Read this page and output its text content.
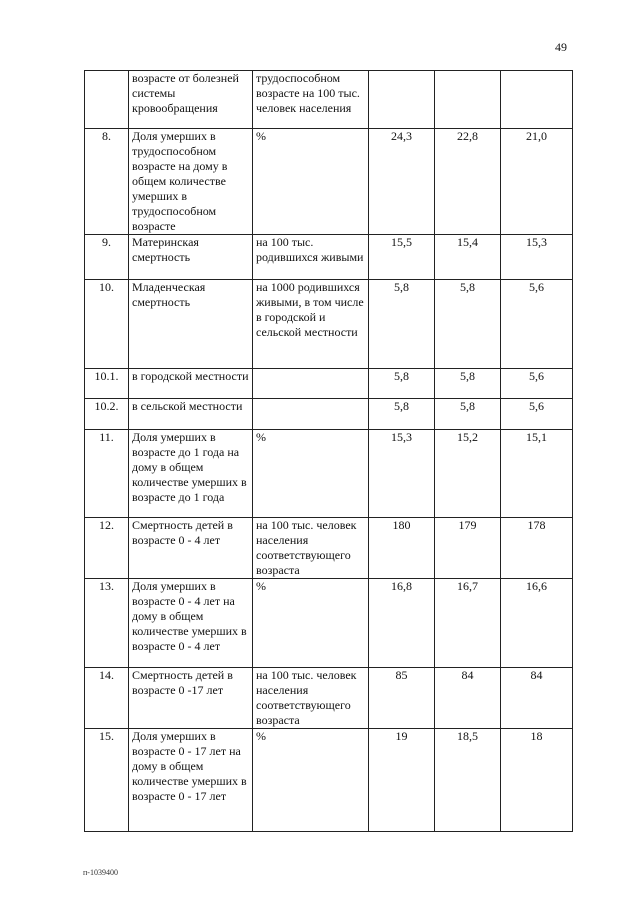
49
	возрасте от болезней системы кровообращения	трудоспособном возрасте на 100 тыс. человек населения			
8.	Доля умерших в трудоспособном возрасте на дому в общем количестве умерших в трудоспособном возрасте	%	24,3	22,8	21,0
9.	Материнская смертность	на 100 тыс. родившихся живыми	15,5	15,4	15,3
10.	Младенческая смертность	на 1000 родившихся живыми, в том числе в городской и сельской местности	5,8	5,8	5,6
10.1.	в городской местности		5,8	5,8	5,6
10.2.	в сельской местности		5,8	5,8	5,6
11.	Доля умерших в возрасте до 1 года на дому в общем количестве умерших в возрасте до 1 года	%	15,3	15,2	15,1
12.	Смертность детей в возрасте 0 - 4 лет	на 100 тыс. человек населения соответствующего возраста	180	179	178
13.	Доля умерших в возрасте 0 - 4 лет на дому в общем количестве умерших в возрасте 0 - 4 лет	%	16,8	16,7	16,6
14.	Смертность детей в возрасте 0 -17 лет	на 100 тыс. человек населения соответствующего возраста	85	84	84
15.	Доля умерших в возрасте 0 - 17 лет на дому в общем количестве умерших в возрасте 0 - 17 лет	%	19	18,5	18
п-1039400
